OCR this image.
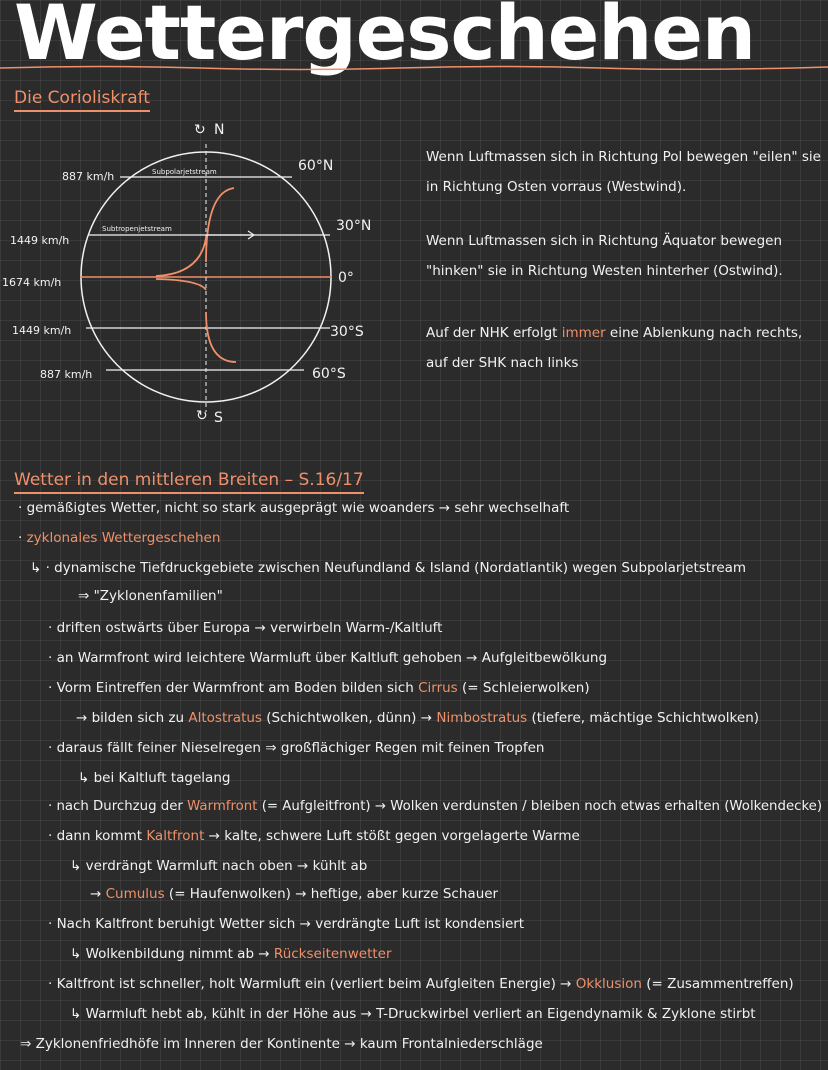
Wettergeschehen
Die Corioliskraft
N
S
↻
↻
Subpolarjetstream
Subtropenjetstream
887 km/h
1449 km/h
1674 km/h
1449 km/h
887 km/h
60°N
30°N
0°
30°S
60°S
Wenn Luftmassen sich in Richtung Pol bewegen "eilen" sie in Richtung Osten vorraus (Westwind).
Wenn Luftmassen sich in Richtung Äquator bewegen "hinken" sie in Richtung Westen hinterher (Ostwind).
Auf der NHK erfolgt immer eine Ablenkung nach rechts, auf der SHK nach links
Wetter in den mittleren Breiten – S.16/17
· gemäßigtes Wetter, nicht so stark ausgeprägt wie woanders → sehr wechselhaft
· zyklonales Wettergeschehen
↳ · dynamische Tiefdruckgebiete zwischen Neufundland & Island (Nordatlantik) wegen Subpolarjetstream
⇒ "Zyklonenfamilien"
· driften ostwärts über Europa → verwirbeln Warm-/Kaltluft
· an Warmfront wird leichtere Warmluft über Kaltluft gehoben → Aufgleitbewölkung
· Vorm Eintreffen der Warmfront am Boden bilden sich Cirrus (= Schleierwolken)
→ bilden sich zu Altostratus (Schichtwolken, dünn) → Nimbostratus (tiefere, mächtige Schichtwolken)
· daraus fällt feiner Nieselregen ⇒ großflächiger Regen mit feinen Tropfen
↳ bei Kaltluft tagelang
· nach Durchzug der Warmfront (= Aufgleitfront) → Wolken verdunsten / bleiben noch etwas erhalten (Wolkendecke)
· dann kommt Kaltfront → kalte, schwere Luft stößt gegen vorgelagerte Warme
↳ verdrängt Warmluft nach oben → kühlt ab
→ Cumulus (= Haufenwolken) → heftige, aber kurze Schauer
· Nach Kaltfront beruhigt Wetter sich → verdrängte Luft ist kondensiert
↳ Wolkenbildung nimmt ab → Rückseitenwetter
· Kaltfront ist schneller, holt Warmluft ein (verliert beim Aufgleiten Energie) → Okklusion (= Zusammentreffen)
↳ Warmluft hebt ab, kühlt in der Höhe aus → T-Druckwirbel verliert an Eigendynamik & Zyklone stirbt
⇒ Zyklonenfriedhöfe im Inneren der Kontinente → kaum Frontalniederschläge
